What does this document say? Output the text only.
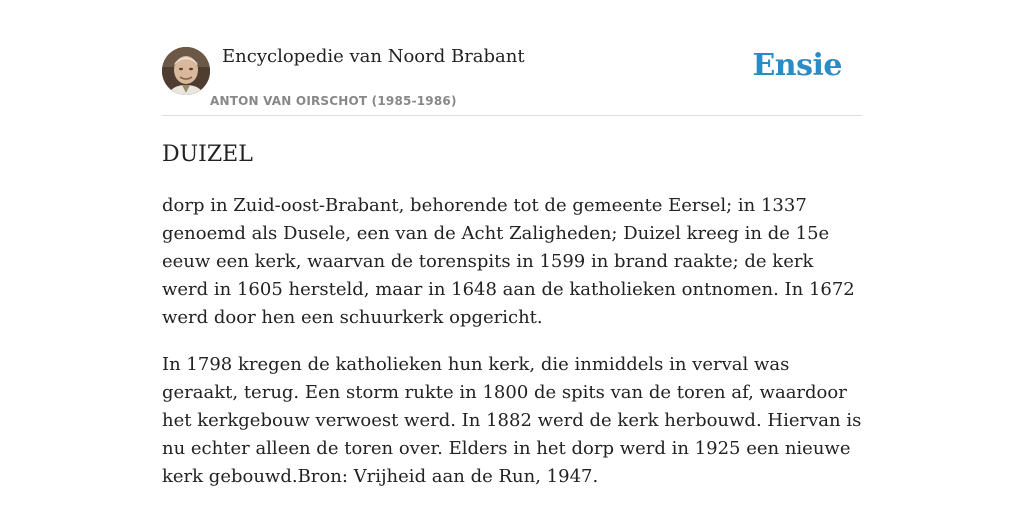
Encyclopedie van Noord Brabant
ANTON VAN OIRSCHOT (1985-1986)
Ensie
DUIZEL

dorp in Zuid-oost-Brabant, behorende tot de gemeente Eersel; in 1337 genoemd als Dusele, een van de Acht Zaligheden; Duizel kreeg in de 15e eeuw een kerk, waarvan de torenspits in 1599 in brand raakte; de kerk werd in 1605 hersteld, maar in 1648 aan de katholieken ontnomen. In 1672 werd door hen een schuurkerk opgericht.

In 1798 kregen de katholieken hun kerk, die inmiddels in verval was geraakt, terug. Een storm rukte in 1800 de spits van de toren af, waardoor het kerkgebouw verwoest werd. In 1882 werd de kerk herbouwd. Hiervan is nu echter alleen de toren over. Elders in het dorp werd in 1925 een nieuwe kerk gebouwd.Bron: Vrijheid aan de Run, 1947.
